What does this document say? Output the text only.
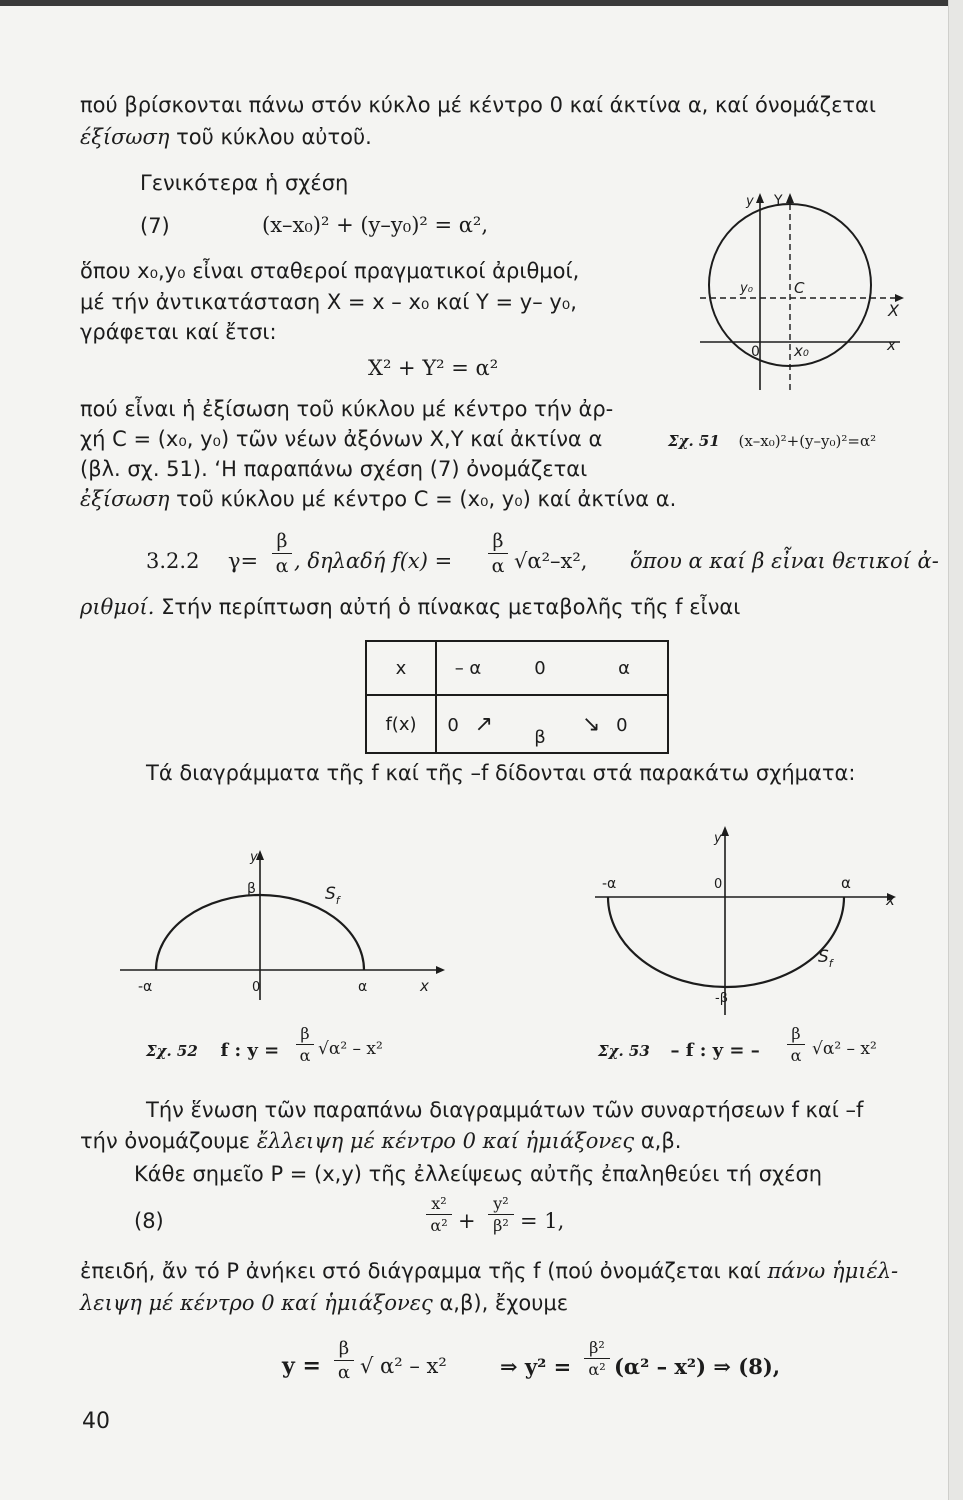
πού βρίσκονται πάνω στόν κύκλο μέ κέντρο 0 καί άκτίνα α, καί όνομάζεται
έξίσωση τοῦ κύκλου αὐτοῦ.
Γενικότερα ἡ σχέση
(7)	(x–x₀)² + (y–y₀)² = α²,
ὅπου x₀,y₀ εἶναι σταθεροί πραγματικοί ἀριθμοί,
μέ τήν ἀντικατάσταση X = x – x₀ καί Y = y– y₀,
γράφεται καί ἔτσι:
X² + Y² = α²
πού εἶναι ἡ ἐξίσωση τοῦ κύκλου μέ κέντρο τήν ἀρ-
χή C = (x₀, y₀) τῶν νέων ἀξόνων X,Y καί ἀκτίνα α
(βλ. σχ. 51). ‘Η παραπάνω σχέση (7) ὀνομάζεται
ἐξίσωση τοῦ κύκλου μέ κέντρο C = (x₀, y₀) καί ἀκτίνα α.
y Y
y₀	C
X
0 x₀	x
Σχ. 51 (x–x₀)²+(y–y₀)²=α²
3.2.2 γ=
β
α , δηλαδή f(x) =
β
α √α²–x², ὅπου α καί β εἶναι θετικοί ἀ-
ριθμοί. Στήν περίπτωση αὐτή ὁ πίνακας μεταβολῆς τῆς f εἶναι
x	– α	0	α
f(x)	0 ↗	β	↘ 0
Τά διαγράμματα τῆς f καί τῆς –f δίδονται στά παρακάτω σχήματα:
y
β	$S_f$
-α	0	α	x
Σχ. 52 f : y =
β
α √α² – x²
y
-α	0	α
x
-β
$S_f$
Σχ. 53 – f : y = –
β
α √α² – x²
Τήν ἕνωση τῶν παραπάνω διαγραμμάτων τῶν συναρτήσεων f καί –f
τήν ὀνομάζουμε ἔλλειψη μέ κέντρο 0 καί ἡμιάξονες α,β.
Κάθε σημεῖο P = (x,y) τῆς ἐλλείψεως αὐτῆς ἐπαληθεύει τή σχέση
(8)
x²
α² +
y²
β² = 1,
ἐπειδή, ἄν τό P ἀνήκει στό διάγραμμα τῆς f (πού ὀνομάζεται καί πάνω ἡμιέλ-
λειψη μέ κέντρο 0 καί ἡμιάξονες α,β), ἔχουμε
y =
β
α √ α² – x²	⇒ y² =
β²
α² (α² – x²) ⇒ (8),
40
